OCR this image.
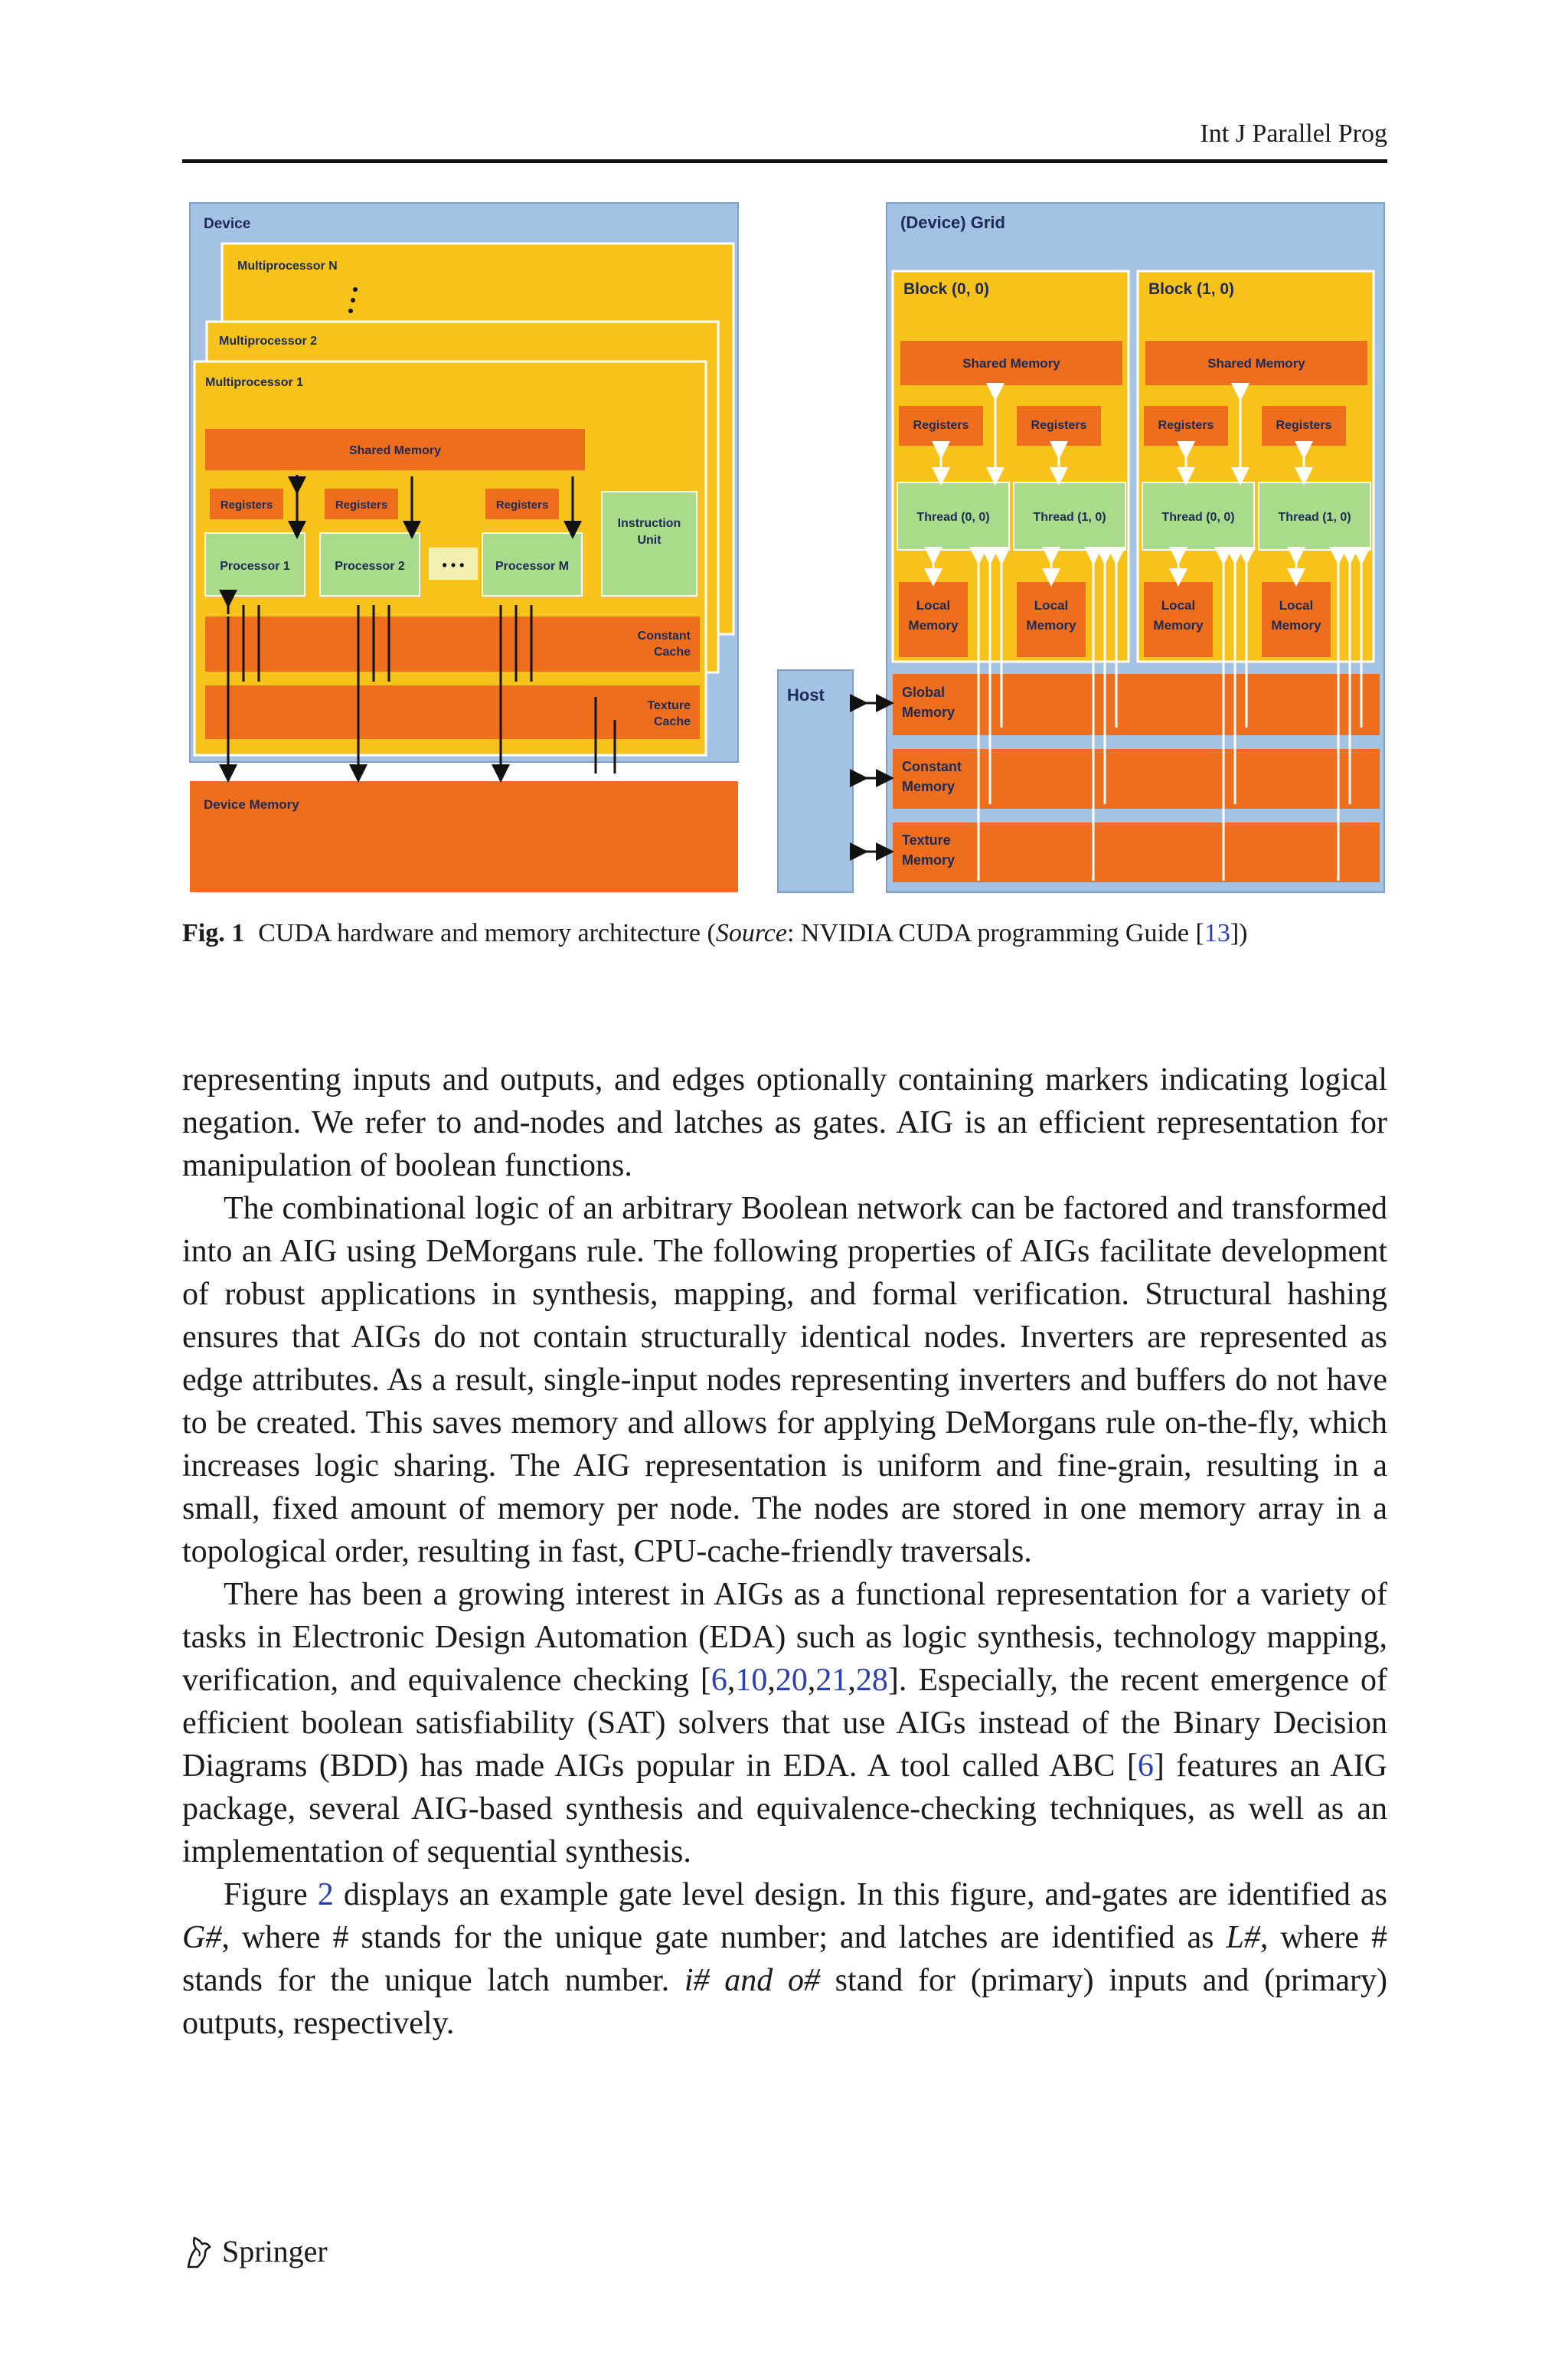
Int J Parallel Prog
Device
Multiprocessor N
Multiprocessor 2
Multiprocessor 1
Shared Memory
Registers	Registers	Registers
Processor 1	Processor 2	• • •	Processor M
Instruction
Unit
Constant
Cache
Texture
Cache
Device Memory
Host
(Device) Grid
Block (0, 0)
Shared Memory
Registers	Registers
Thread (0, 0)	Thread (1, 0)
Local
Memory
Local
Memory
Block (1, 0)
Shared Memory
Registers	Registers
Thread (0, 0)	Thread (1, 0)
Local
Memory
Local
Memory
Global
Memory
Constant
Memory
Texture
Memory
Fig. 1 CUDA hardware and memory architecture (Source: NVIDIA CUDA programming Guide [13])

representing inputs and outputs, and edges optionally containing markers indicating logical negation. We refer to and-nodes and latches as gates. AIG is an efficient representation for manipulation of boolean functions.

The combinational logic of an arbitrary Boolean network can be factored and transformed into an AIG using DeMorgans rule. The following properties of AIGs facilitate development of robust applications in synthesis, mapping, and formal verification. Structural hashing ensures that AIGs do not contain structurally identical nodes. Inverters are represented as edge attributes. As a result, single-input nodes representing inverters and buffers do not have to be created. This saves memory and allows for applying DeMorgans rule on-the-fly, which increases logic sharing. The AIG representation is uniform and fine-grain, resulting in a small, fixed amount of memory per node. The nodes are stored in one memory array in a topological order, resulting in fast, CPU-cache-friendly traversals.

There has been a growing interest in AIGs as a functional representation for a variety of tasks in Electronic Design Automation (EDA) such as logic synthesis, technology mapping, verification, and equivalence checking [6,10,20,21,28]. Especially, the recent emergence of efficient boolean satisfiability (SAT) solvers that use AIGs instead of the Binary Decision Diagrams (BDD) has made AIGs popular in EDA. A tool called ABC [6] features an AIG package, several AIG-based synthesis and equivalence-checking techniques, as well as an implementation of sequential synthesis.

Figure 2 displays an example gate level design. In this figure, and-gates are identified as G#, where # stands for the unique gate number; and latches are identified as L#, where # stands for the unique latch number. i# and o# stand for (primary) inputs and (primary) outputs, respectively.

Springer
